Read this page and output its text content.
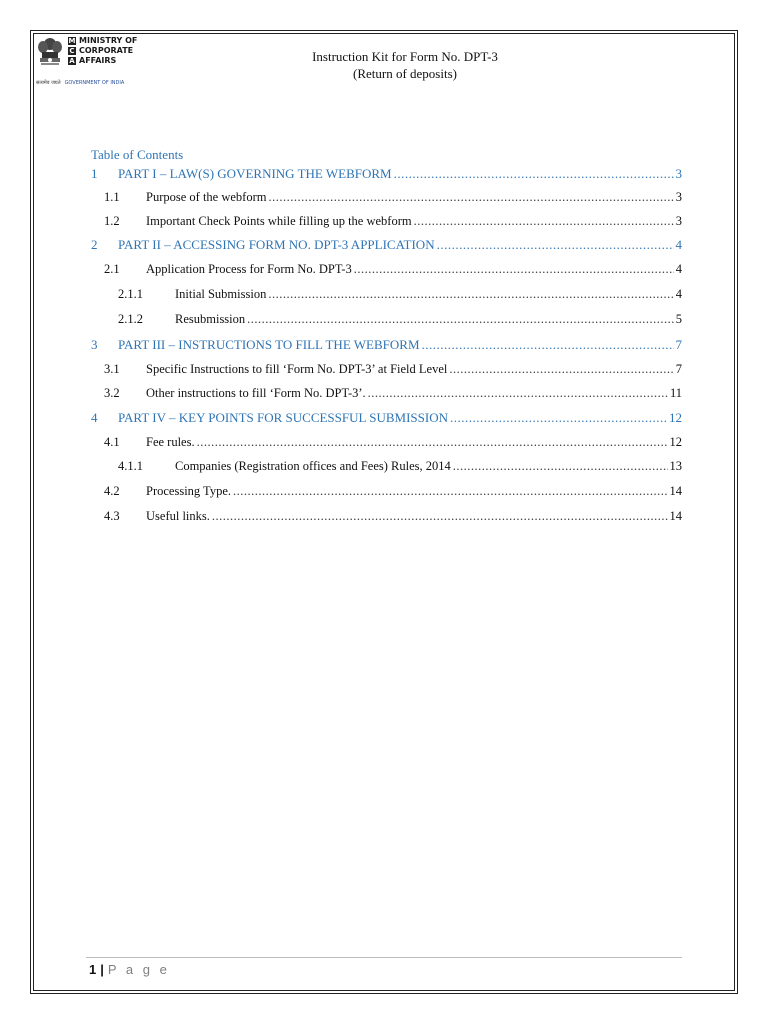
M MINISTRY OF
C CORPORATE
A AFFAIRS
सत्यमेव जयते GOVERNMENT OF INDIA
Instruction Kit for Form No. DPT-3
(Return of deposits)
Table of Contents
1	PART I – LAW(S) GOVERNING THE WEBFORM .....	3
1.1	Purpose of the webform .....	3
1.2	Important Check Points while filling up the webform .....	3
2	PART II – ACCESSING FORM NO. DPT-3 APPLICATION .....	4
2.1	Application Process for Form No. DPT-3 .....	4
2.1.1	Initial Submission .....	4
2.1.2	Resubmission .....	5
3	PART III – INSTRUCTIONS TO FILL THE WEBFORM .....	7
3.1	Specific Instructions to fill ‘Form No. DPT-3’ at Field Level .....	7
3.2	Other instructions to fill ‘Form No. DPT-3’. .....	11
4	PART IV – KEY POINTS FOR SUCCESSFUL SUBMISSION .....	12
4.1	Fee rules. .....	12
4.1.1	Companies (Registration offices and Fees) Rules, 2014 .....	13
4.2	Processing Type. .....	14
4.3	Useful links. .....	14
1 | P a g e
